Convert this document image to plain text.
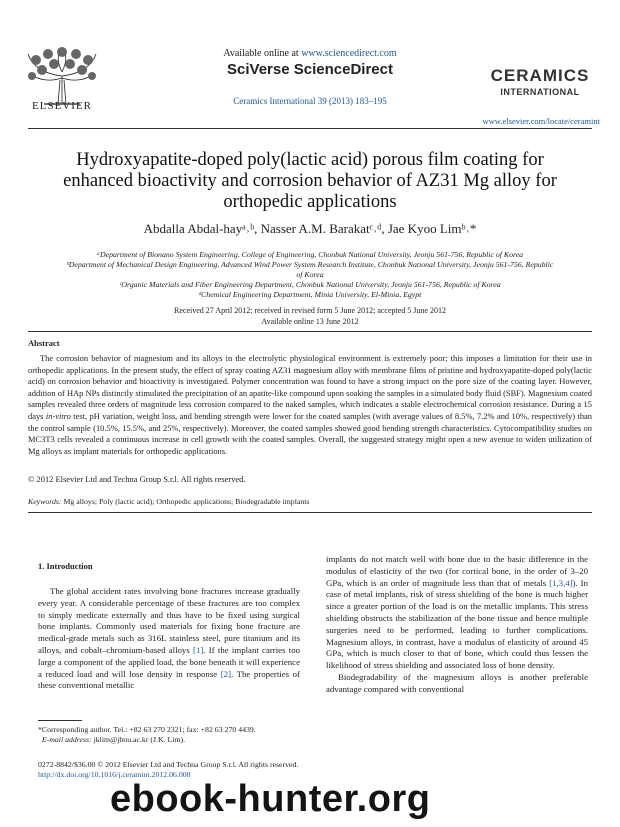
ELSEVIER
Available online at www.sciencedirect.com
SciVerse ScienceDirect
Ceramics International 39 (2013) 183–195
CERAMICS
INTERNATIONAL
www.elsevier.com/locate/ceramint
Hydroxyapatite-doped poly(lactic acid) porous film coating for
enhanced bioactivity and corrosion behavior of AZ31 Mg alloy for
orthopedic applications
Abdalla Abdal-hayᵃ˒ᵇ, Nasser A.M. Barakatᶜ˒ᵈ, Jae Kyoo Limᵇ˒*
ᵃDepartment of Bionano System Engineering, College of Engineering, Chonbuk National University, Jeonju 561-756, Republic of Korea
ᵇDepartment of Mechanical Design Engineering, Advanced Wind Power System Research Institute, Chonbuk National University, Jeonju 561-756, Republic
of Korea
ᶜOrganic Materials and Fiber Engineering Department, Chonbuk National University, Jeonju 561-756, Republic of Korea
ᵈChemical Engineering Department, Minia University, El-Minia, Egypt
Received 27 April 2012; received in revised form 5 June 2012; accepted 5 June 2012
Available online 13 June 2012
Abstract
The corrosion behavior of magnesium and its alloys in the electrolytic physiological environment is extremely poor; this imposes a limitation for their use in orthopedic applications. In the present study, the effect of spray coating AZ31 magnesium alloy with membrane films of pristine and hydroxyapatite-doped poly(lactic acid) on corrosion behavior and bioactivity is investigated. Polymer concentration was found to have a strong impact on the pore size of the coating layer. However, addition of HAp NPs distinctly stimulated the precipitation of an apatite-like compound upon soaking the samples in a simulated body fluid (SBF). Magnesium coated samples revealed three orders of magnitude less corrosion compared to the naked samples, which indicates a stable electrochemical corrosion resistance. During a 15 days in-vitro test, pH variation, weight loss, and bending strength were lower for the coated samples (with average values of 8.5%, 7.2% and 10%, respectively) than the control sample (10.5%, 15.5%, and 25%, respectively). Moreover, the coated samples showed good bending strength characteristics. Cytocompatibility studies on MC3T3 cells revealed a continuous increase in cell growth with the coated samples. Overall, the suggested strategy might open a new avenue to widen utilization of Mg alloys as implant materials for orthopedic applications.
© 2012 Elsevier Ltd and Techna Group S.r.l. All rights reserved.
Keywords: Mg alloys; Poly (lactic acid); Orthopedic applications; Biodegradable implants
1. Introduction
The global accident rates involving bone fractures increase gradually every year. A considerable percentage of these fractures are too complex to simply medicate externally and thus have to be fixed using surgical bone implants. Commonly used materials for fixing bone fracture are medical-grade metals such as 316L stainless steel, pure titanium and its alloys, and cobalt–chromium-based alloys [1]. If the implant carries too large a component of the applied load, the bone beneath it will experience a reduced load and will lose density in response [2]. The properties of these conventional metallic

implants do not match well with bone due to the basic difference in the modulus of elasticity of the two (for cortical bone, in the order of 3–20 GPa, which is an order of magnitude less than that of metals [1,3,4]). In case of metal implants, risk of stress shielding of the bone is much higher since a greater portion of the load is on the metallic implants. This stress shielding obstructs the stabilization of the bone tissue and hence multiple surgeries need to be performed, leading to further complications. Magnesium alloys, in contrast, have a modulus of elasticity of around 45 GPa, which is much closer to that of bone, which could thus lessen the likelihood of stress shielding and associated loss of bone density.

Biodegradability of the magnesium alloys is another preferable advantage compared with conventional

*Corresponding author. Tel.: +82 63 270 2321; fax: +82 63 270 4439.
E-mail address: jklim@jbnu.ac.kr (J.K. Lim).
0272-8842/$36.00 © 2012 Elsevier Ltd and Techna Group S.r.l. All rights reserved.
http://dx.doi.org/10.1016/j.ceramint.2012.06.008
ebook-hunter.org
